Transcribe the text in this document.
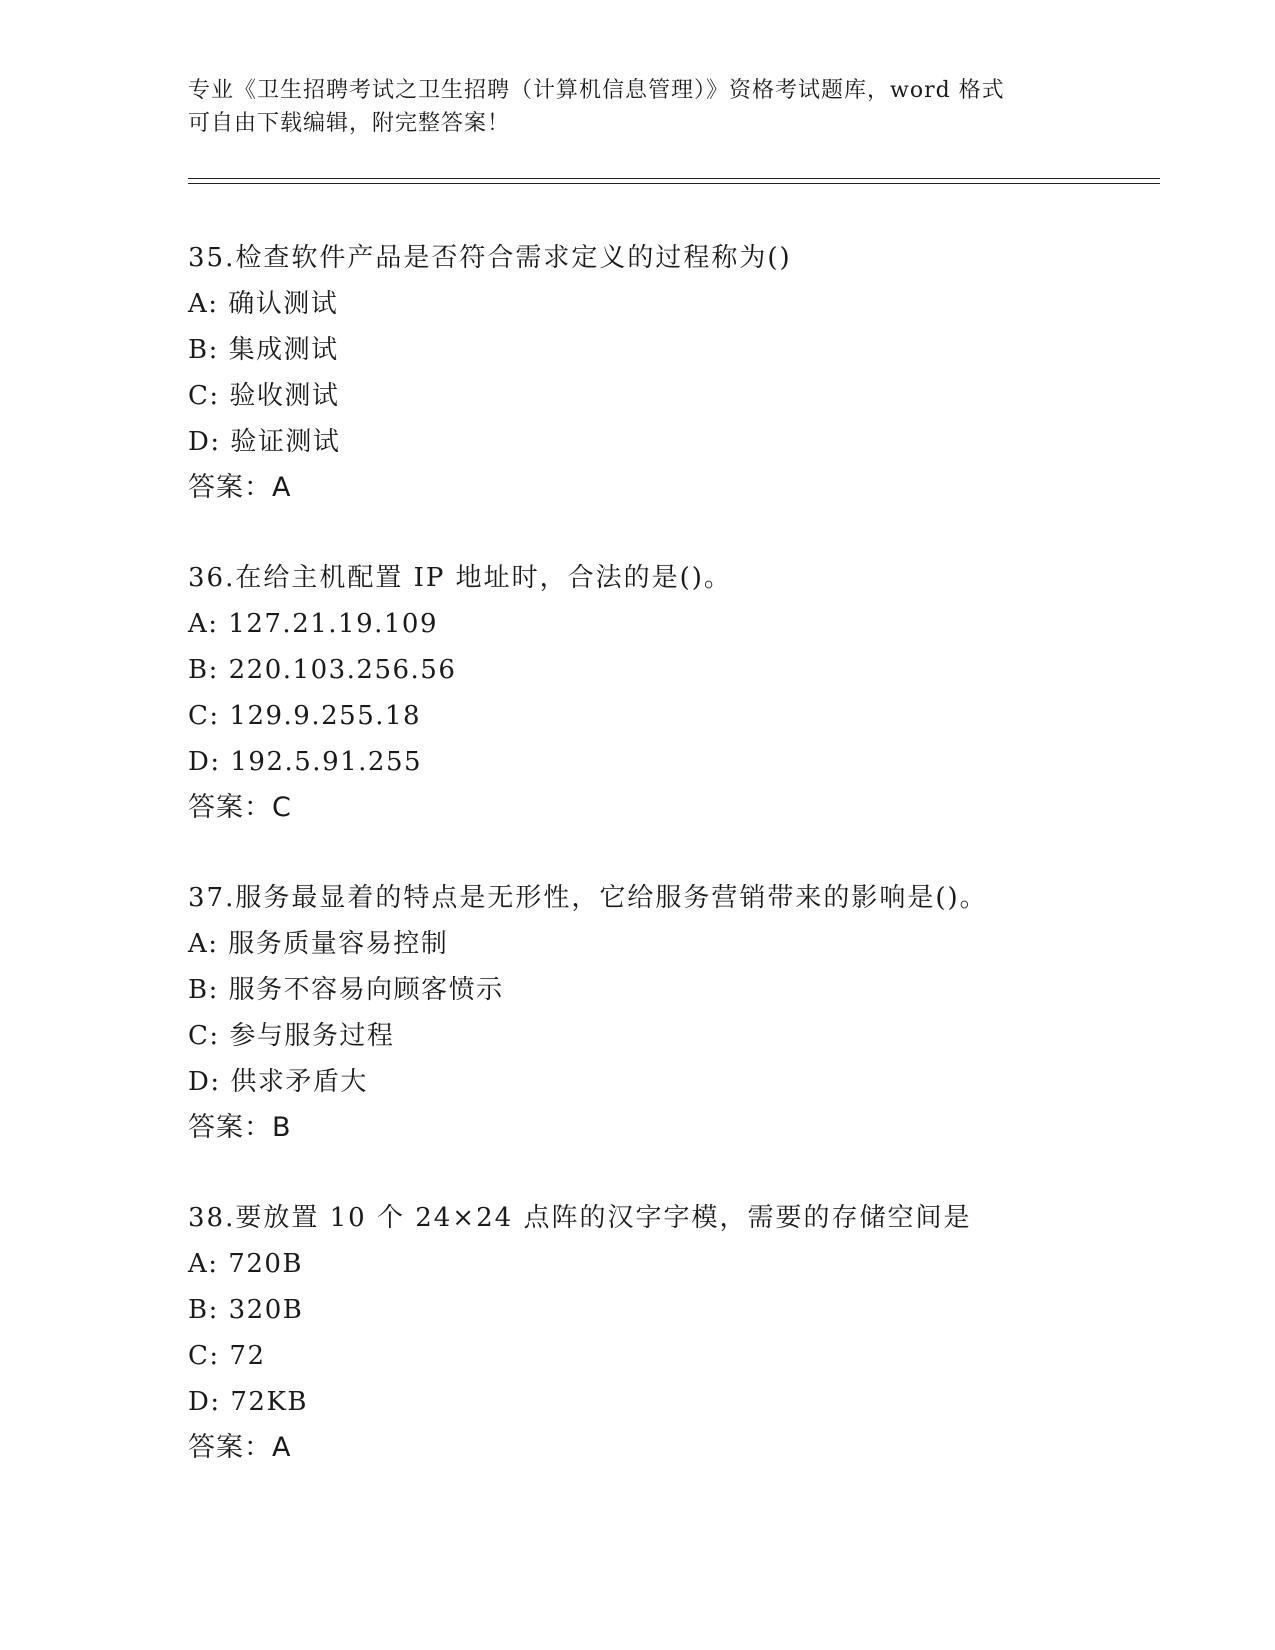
专业《卫生招聘考试之卫生招聘（计算机信息管理）》资格考试题库，word 格式
可自由下载编辑，附完整答案！
35.检查软件产品是否符合需求定义的过程称为()
A: 确认测试
B: 集成测试
C: 验收测试
D: 验证测试
答案：A
36.在给主机配置 IP 地址时，合法的是()。
A: 127.21.19.109
B: 220.103.256.56
C: 129.9.255.18
D: 192.5.91.255
答案：C
37.服务最显着的特点是无形性，它给服务营销带来的影响是()。
A: 服务质量容易控制
B: 服务不容易向顾客愤示
C: 参与服务过程
D: 供求矛盾大
答案：B
38.要放置 10 个 24×24 点阵的汉字字模，需要的存储空间是
A: 720B
B: 320B
C: 72
D: 72KB
答案：A
